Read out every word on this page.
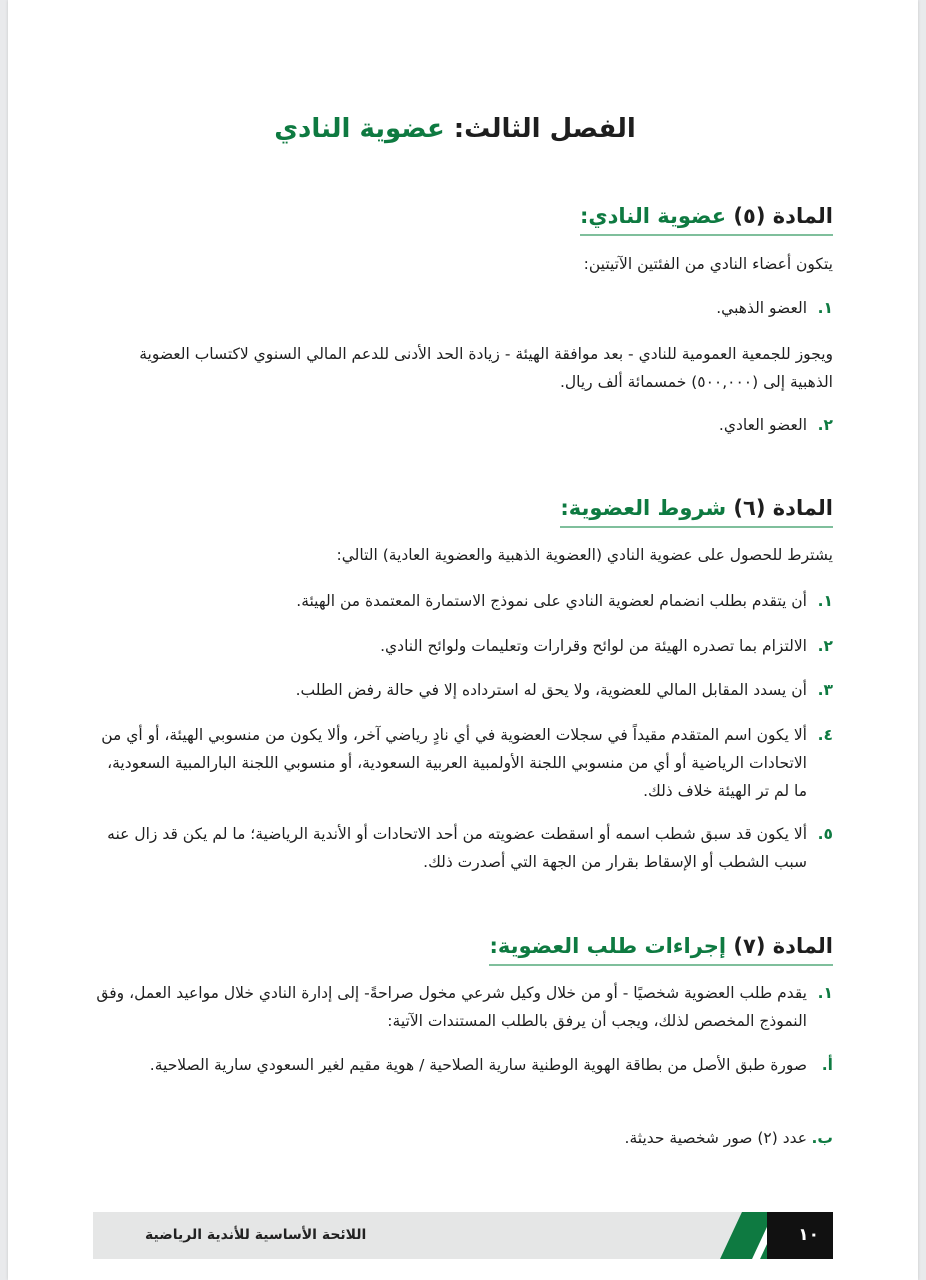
الفصل الثالث: عضوية النادي
المادة (٥) عضوية النادي:
يتكون أعضاء النادي من الفئتين الآتيتين:
١.
العضو الذهبي.
ويجوز للجمعية العمومية للنادي - بعد موافقة الهيئة - زيادة الحد الأدنى للدعم المالي السنوي لاكتساب العضوية الذهبية إلى (٥٠٠,٠٠٠) خمسمائة ألف ريال.
٢.
العضو العادي.
المادة (٦) شروط العضوية:
يشترط للحصول على عضوية النادي (العضوية الذهبية والعضوية العادية) التالي:
١.
أن يتقدم بطلب انضمام لعضوية النادي على نموذج الاستمارة المعتمدة من الهيئة.
٢.
الالتزام بما تصدره الهيئة من لوائح وقرارات وتعليمات ولوائح النادي.
٣.
أن يسدد المقابل المالي للعضوية، ولا يحق له استرداده إلا في حالة رفض الطلب.
٤.
ألا يكون اسم المتقدم مقيداً في سجلات العضوية في أي نادٍ رياضي آخر، وألا يكون من منسوبي الهيئة، أو أي من الاتحادات الرياضية أو أي من منسوبي اللجنة الأولمبية العربية السعودية، أو منسوبي اللجنة البارالمبية السعودية، ما لم تر الهيئة خلاف ذلك.
٥.
ألا يكون قد سبق شطب اسمه أو اسقطت عضويته من أحد الاتحادات أو الأندية الرياضية؛ ما لم يكن قد زال عنه سبب الشطب أو الإسقاط بقرار من الجهة التي أصدرت ذلك.
المادة (٧) إجراءات طلب العضوية:
١.
يقدم طلب العضوية شخصيًا - أو من خلال وكيل شرعي مخول صراحةً- إلى إدارة النادي خلال مواعيد العمل، وفق النموذج المخصص لذلك، ويجب أن يرفق بالطلب المستندات الآتية:
أ.
صورة طبق الأصل من بطاقة الهوية الوطنية سارية الصلاحية / هوية مقيم لغير السعودي سارية الصلاحية.
ب.
عدد (٢) صور شخصية حديثة.
اللائحة الأساسية للأندية الرياضية	١٠
